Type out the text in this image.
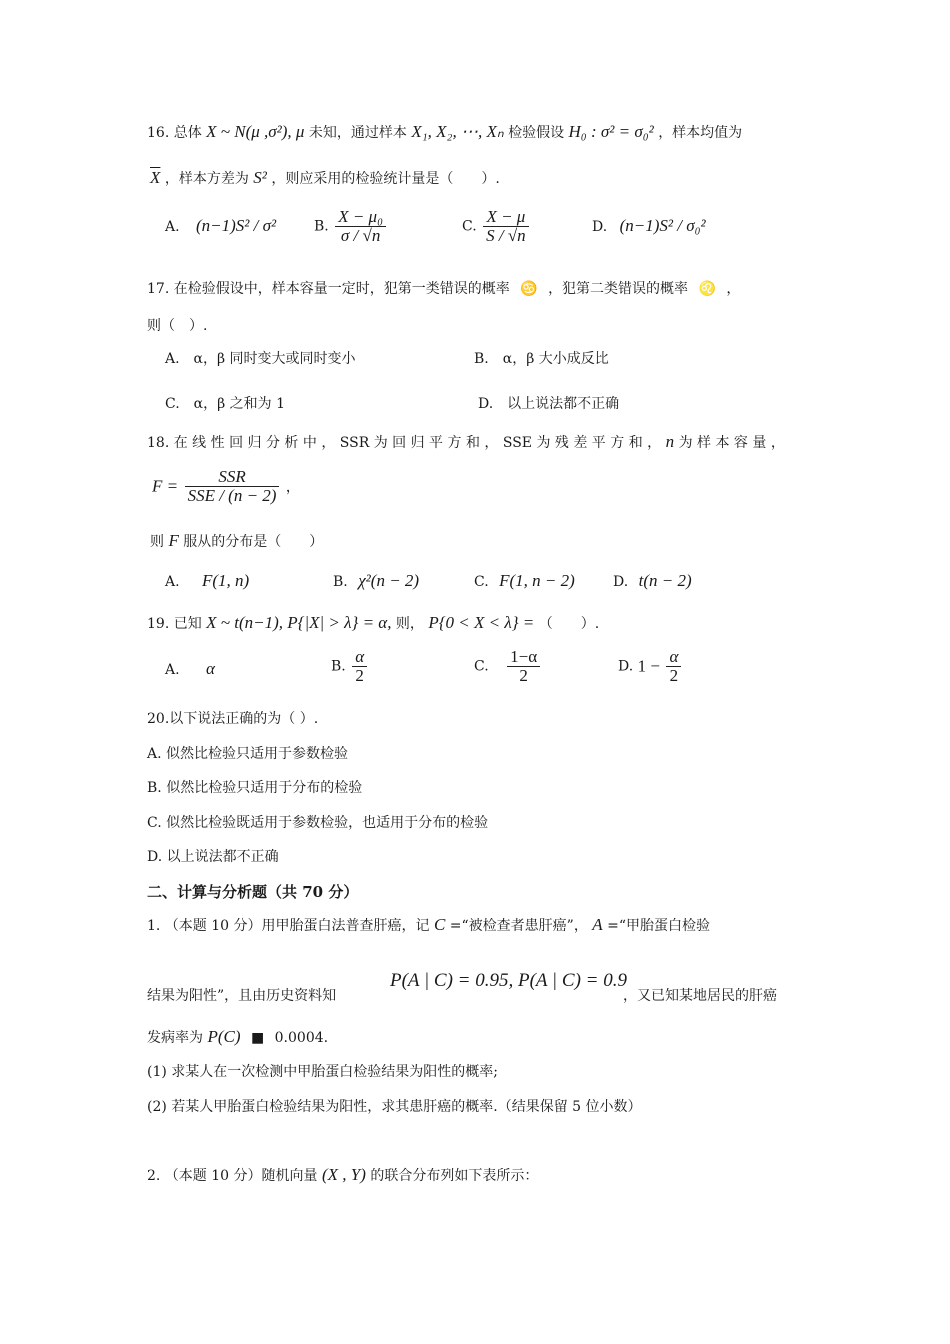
16. 总体 X ~ N(μ ,σ²), μ 未知，通过样本 X₁, X₂, ⋯, Xₙ 检验假设 H₀ : σ² = σ₀² ，样本均值为
$\overline{X}$ ，样本方差为 S² ，则应采用的检验统计量是（　　）.
A. (n−1)S² / σ²	B. $\frac{\text{X − μ₀}}{\sigma / √n}$	C. $\frac{X - \mu}{S / √n}$	D. (n−1)S² / σ₀²
17. 在检验假设中，样本容量一定时，犯第一类错误的概率 ♋ ，犯第二类错误的概率 ♌ ，
则（　）.
A.　α，β 同时变大或同时变小	B.　α，β 大小成反比
C.　α，β 之和为 1	D.　以上说法都不正确
18. 在 线 性 回 归 分 析 中 ， SSR 为 回 归 平 方 和 ， SSE 为 残 差 平 方 和 ， n 为 样 本 容 量 ，
$F = \frac{\text{SSR}}{\text{SSE / (n − 2)}}$ ，
则 F 服从的分布是（　　）
A. F(1, n)	B. χ²(n − 2)	C. F(1, n − 2)	D. t(n − 2)
19. 已知 X ~ t(n−1), P{|X| > λ} = α, 则， P{0 < X < λ} = （　　）.
A. α	B. $\frac{\alpha}{2}$	C. $\frac{1-\alpha}{2}$	D. $1 - \frac{\alpha}{2}$
20.以下说法正确的为（ ）.
A. 似然比检验只适用于参数检验
B. 似然比检验只适用于分布的检验
C. 似然比检验既适用于参数检验，也适用于分布的检验
D. 以上说法都不正确
二、计算与分析题（共 70 分）
1. （本题 10 分）用甲胎蛋白法普查肝癌，记 C =“被检查者患肝癌”， A =“甲胎蛋白检验
结果为阳性”，且由历史资料知
P(A | C) = 0.95, P(A | C) = 0.9
，又已知某地居民的肝癌
发病率为 P(C) ■ 0.0004.
(1) 求某人在一次检测中甲胎蛋白检验结果为阳性的概率;
(2) 若某人甲胎蛋白检验结果为阳性，求其患肝癌的概率.（结果保留 5 位小数）
2. （本题 10 分）随机向量 (X , Y) 的联合分布列如下表所示：
